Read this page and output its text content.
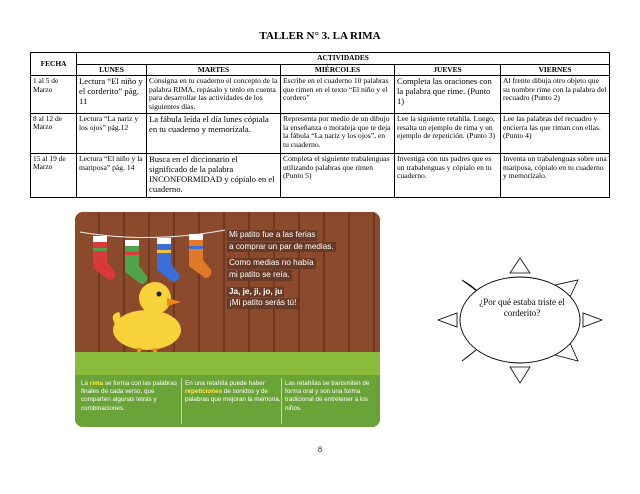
TALLER N° 3. LA RIMA
FECHA	ACTIVIDADES				
	LUNES	MARTES	MIÉRCOLES	JUEVES	VIERNES
1 al 5 de Marzo	Lectura “El niño y el corderito” pág. 11	Consigna en tu cuaderno el concepto de la palabra RIMA, repásalo y tenlo en cuenta para desarrollar las actividades de los siguientes días.	Escribe en el cuaderno 10 palabras que rimen en el texto “El niño y el cordero”	Completa las oraciones con la palabra que rime. (Punto 1)	Al frente dibuja otro objeto que su nombre rime con la palabra del recuadro (Punto 2)
8 al 12 de Marzo	Lectura “La nariz y los ojos” pág.12	La fábula leída el día lunes cópiala en tu cuaderno y memorízala.	Representa por medio de un dibujo la enseñanza o moraleja que te deja la fábula “La nariz y los ojos”, en tu cuaderno.	Lee la siguiente retahíla. Luego, resalta un ejemplo de rima y un ejemplo de repetición. (Punto 3)	Lee las palabras del recuadro y encierra las que riman con ellas. (Punto 4)
15 al 19 de Marzo	Lectura “El niño y la mariposa” pág. 14	Busca en el diccionario el significado de la palabra INCONFORMIDAD y cópialo en el cuaderno.	Completa el siguiente trabalenguas utilizando palabras que rimen (Punto 5)	Investiga con tus padres que es un trabalenguas y cópialo en tu cuaderno.	Inventa un trabalenguas sobre una mariposa, cópialo en tu cuaderno y memorízalo.
Mi patito fue a las ferias
a comprar un par de medias.
Como medias no había
mi patito se reía.
Ja, je, ji, jo, ju
¡Mi patito serás tú!
La rima se forma con las palabras finales de cada verso, que comparten algunas letras y combinaciones.
En una retahíla puede haber repeticiones de sonidos y de palabras que mejoran la memoria.
Las retahílas se transmiten de forma oral y son una forma tradicional de entretener a los niños.
¿Por qué estaba triste el corderito?
8
